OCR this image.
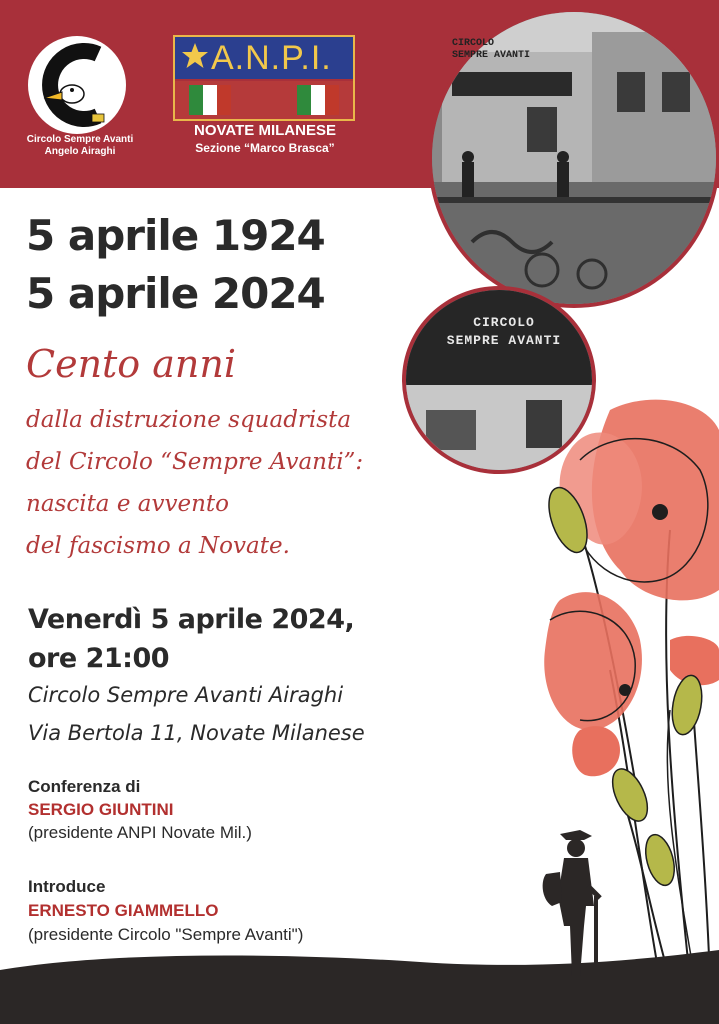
Circolo Sempre Avanti
Angelo Airaghi
A.N.P.I.
NOVATE MILANESE
Sezione “Marco Brasca”
CIRCOLO
SEMPRE AVANTI
CIRCOLO
SEMPRE AVANTI
5 aprile 1924
5 aprile 2024
Cento anni
dalla distruzione squadrista
del Circolo “Sempre Avanti”:
nascita e avvento
del fascismo a Novate.
Venerdì 5 aprile 2024,
ore 21:00
Circolo Sempre Avanti Airaghi
Via Bertola 11, Novate Milanese
Conferenza di
SERGIO GIUNTINI
(presidente ANPI Novate Mil.)
Introduce
ERNESTO GIAMMELLO
(presidente Circolo "Sempre Avanti")
